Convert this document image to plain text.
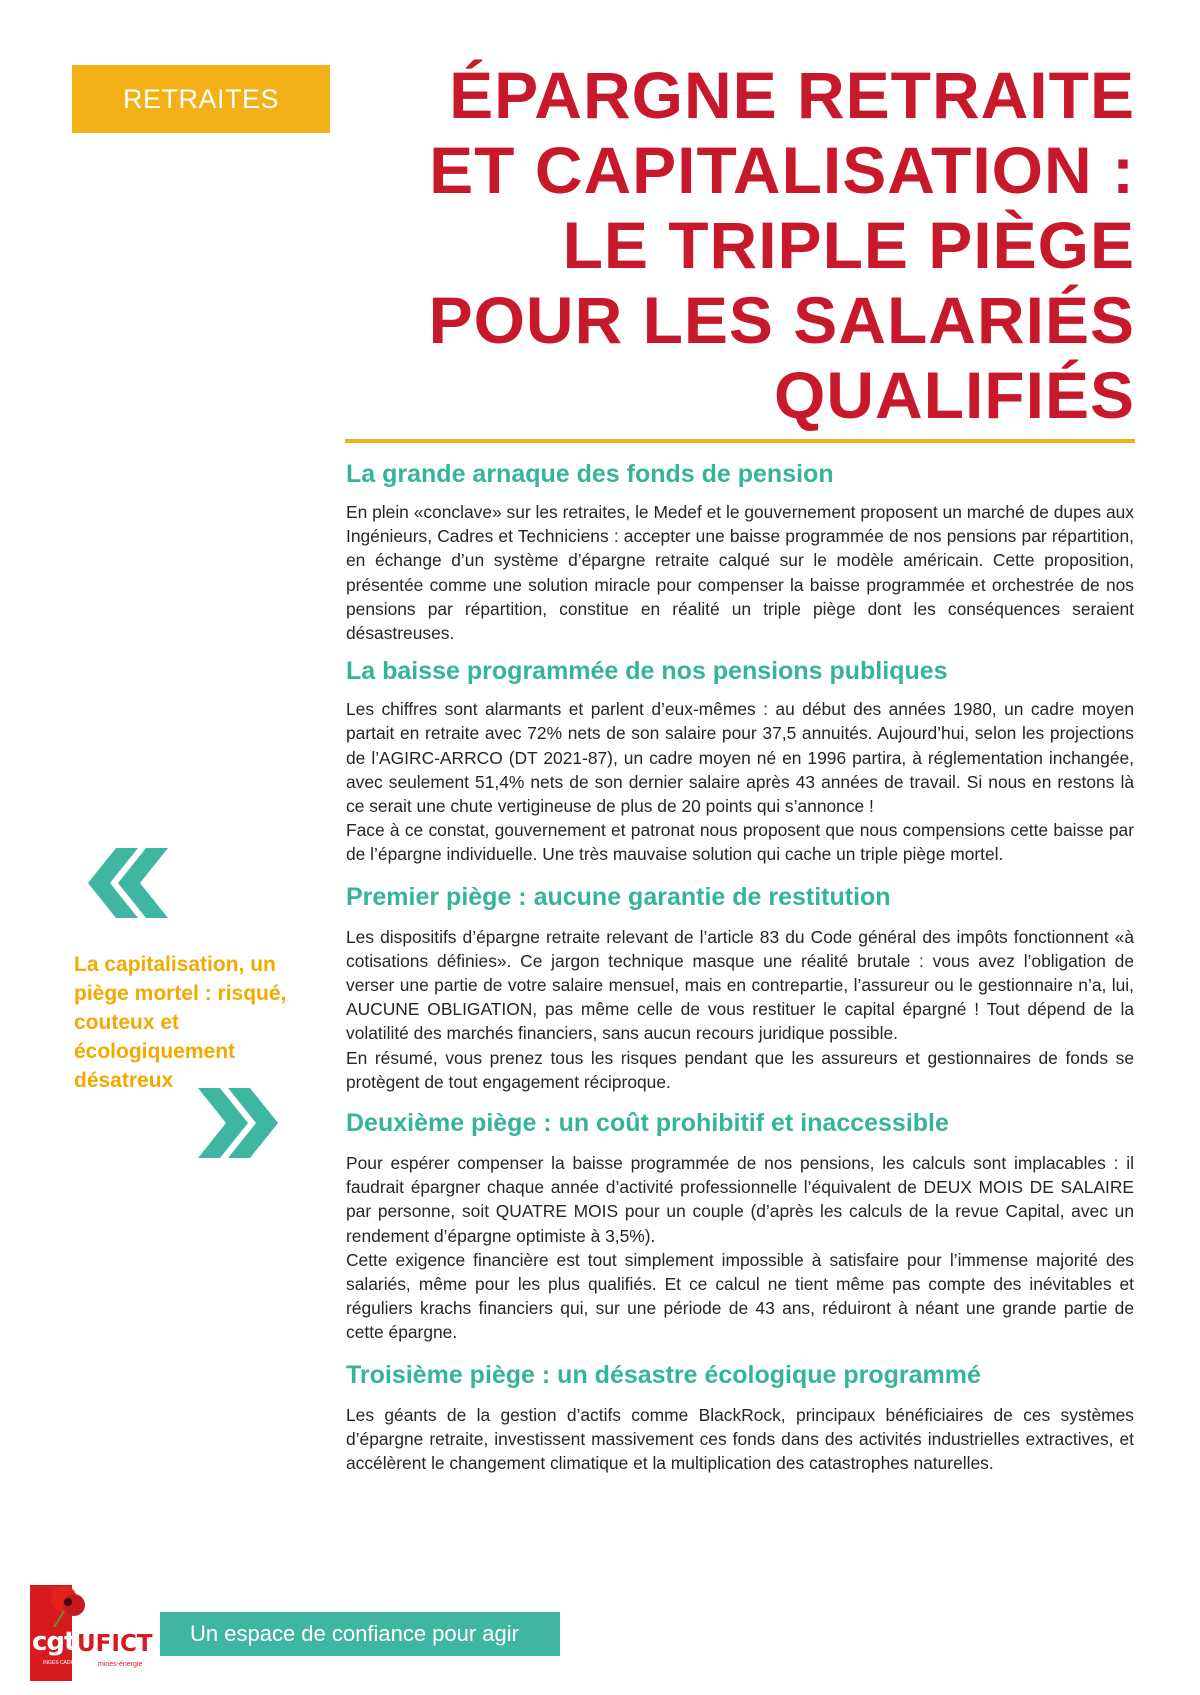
RETRAITES	ÉPARGNE RETRAITE
ET CAPITALISATION :
LE TRIPLE PIÈGE
POUR LES SALARIÉS
QUALIFIÉS
La grande arnaque des fonds de pension

En plein «conclave» sur les retraites, le Medef et le gouvernement proposent un marché de dupes aux Ingénieurs, Cadres et Techniciens : accepter une baisse programmée de nos pensions par répartition, en échange d’un système d’épargne retraite calqué sur le modèle américain. Cette proposition, présentée comme une solution miracle pour compenser la baisse programmée et orchestrée de nos pensions par répartition, constitue en réalité un triple piège dont les conséquences seraient désastreuses.

La baisse programmée de nos pensions publiques

Les chiffres sont alarmants et parlent d’eux-mêmes : au début des années 1980, un cadre moyen partait en retraite avec 72% nets de son salaire pour 37,5 annuités. Aujourd’hui, selon les projections de l’AGIRC-ARRCO (DT 2021-87), un cadre moyen né en 1996 partira, à réglementation inchangée, avec seulement 51,4% nets de son dernier salaire après 43 années de travail. Si nous en restons là ce serait une chute vertigineuse de plus de 20 points qui s’annonce !

Face à ce constat, gouvernement et patronat nous proposent que nous compensions cette baisse par de l’épargne individuelle. Une très mauvaise solution qui cache un triple piège mortel.

Premier piège : aucune garantie de restitution

Les dispositifs d’épargne retraite relevant de l’article 83 du Code général des impôts fonctionnent «à cotisations définies». Ce jargon technique masque une réalité brutale : vous avez l’obligation de verser une partie de votre salaire mensuel, mais en contrepartie, l’assureur ou le gestionnaire n’a, lui, AUCUNE OBLIGATION, pas même celle de vous restituer le capital épargné ! Tout dépend de la volatilité des marchés financiers, sans aucun recours juridique possible.

En résumé, vous prenez tous les risques pendant que les assureurs et gestionnaires de fonds se protègent de tout engagement réciproque.

Deuxième piège : un coût prohibitif et inaccessible

Pour espérer compenser la baisse programmée de nos pensions, les calculs sont implacables : il faudrait épargner chaque année d’activité professionnelle l’équivalent de DEUX MOIS DE SALAIRE par personne, soit QUATRE MOIS pour un couple (d’après les calculs de la revue Capital, avec un rendement d’épargne optimiste à 3,5%).

Cette exigence financière est tout simplement impossible à satisfaire pour l’immense majorité des salariés, même pour les plus qualifiés. Et ce calcul ne tient même pas compte des inévitables et réguliers krachs financiers qui, sur une période de 43 ans, réduiront à néant une grande partie de cette épargne.

Troisième piège : un désastre écologique programmé

Les géants de la gestion d’actifs comme BlackRock, principaux bénéficiaires de ces systèmes d’épargne retraite, investissent massivement ces fonds dans des activités industrielles extractives, et accélèrent le changement climatique et la multiplication des catastrophes naturelles.

La capitalisation, un piège mortel : risqué, couteux et écologiquement désatreux

cgt
INGÉS CADRES TECHS
UFICT
mines-énergie
Un espace de confiance pour agir
